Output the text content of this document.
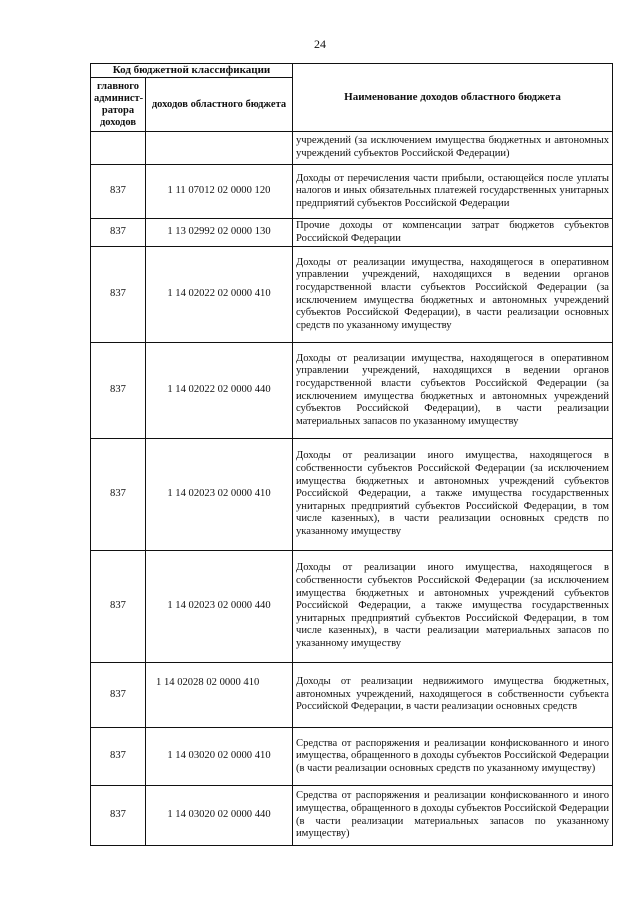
24
Код бюджетной классификации		Наименование доходов областного бюджета
главного админист-ратора доходов	доходов областного бюджета	
		учреждений (за исключением имущества бюджетных и автономных учреждений субъектов Российской Федерации)
837	1 11 07012 02 0000 120	Доходы от перечисления части прибыли, остающейся после уплаты налогов и иных обязательных платежей государственных унитарных предприятий субъектов Российской Федерации
837	1 13 02992 02 0000 130	Прочие доходы от компенсации затрат бюджетов субъектов Российской Федерации
837	1 14 02022 02 0000 410	Доходы от реализации имущества, находящегося в оперативном управлении учреждений, находящихся в ведении органов государственной власти субъектов Российской Федерации (за исключением имущества бюджетных и автономных учреждений субъектов Российской Федерации), в части реализации основных средств по указанному имуществу
837	1 14 02022 02 0000 440	Доходы от реализации имущества, находящегося в оперативном управлении учреждений, находящихся в ведении органов государственной власти субъектов Российской Федерации (за исключением имущества бюджетных и автономных учреждений субъектов Российской Федерации), в части реализации материальных запасов по указанному имуществу
837	1 14 02023 02 0000 410	Доходы от реализации иного имущества, находящегося в собственности субъектов Российской Федерации (за исключением имущества бюджетных и автономных учреждений субъектов Российской Федерации, а также имущества государственных унитарных предприятий субъектов Российской Федерации, в том числе казенных), в части реализации основных средств по указанному имуществу
837	1 14 02023 02 0000 440	Доходы от реализации иного имущества, находящегося в собственности субъектов Российской Федерации (за исключением имущества бюджетных и автономных учреждений субъектов Российской Федерации, а также имущества государственных унитарных предприятий субъектов Российской Федерации, в том числе казенных), в части реализации материальных запасов по указанному имуществу
837	1 14 02028 02 0000 410	Доходы от реализации недвижимого имущества бюджетных, автономных учреждений, находящегося в собственности субъекта Российской Федерации, в части реализации основных средств
837	1 14 03020 02 0000 410	Средства от распоряжения и реализации конфискованного и иного имущества, обращенного в доходы субъектов Российской Федерации (в части реализации основных средств по указанному имуществу)
837	1 14 03020 02 0000 440	Средства от распоряжения и реализации конфискованного и иного имущества, обращенного в доходы субъектов Российской Федерации (в части реализации материальных запасов по указанному имуществу)
